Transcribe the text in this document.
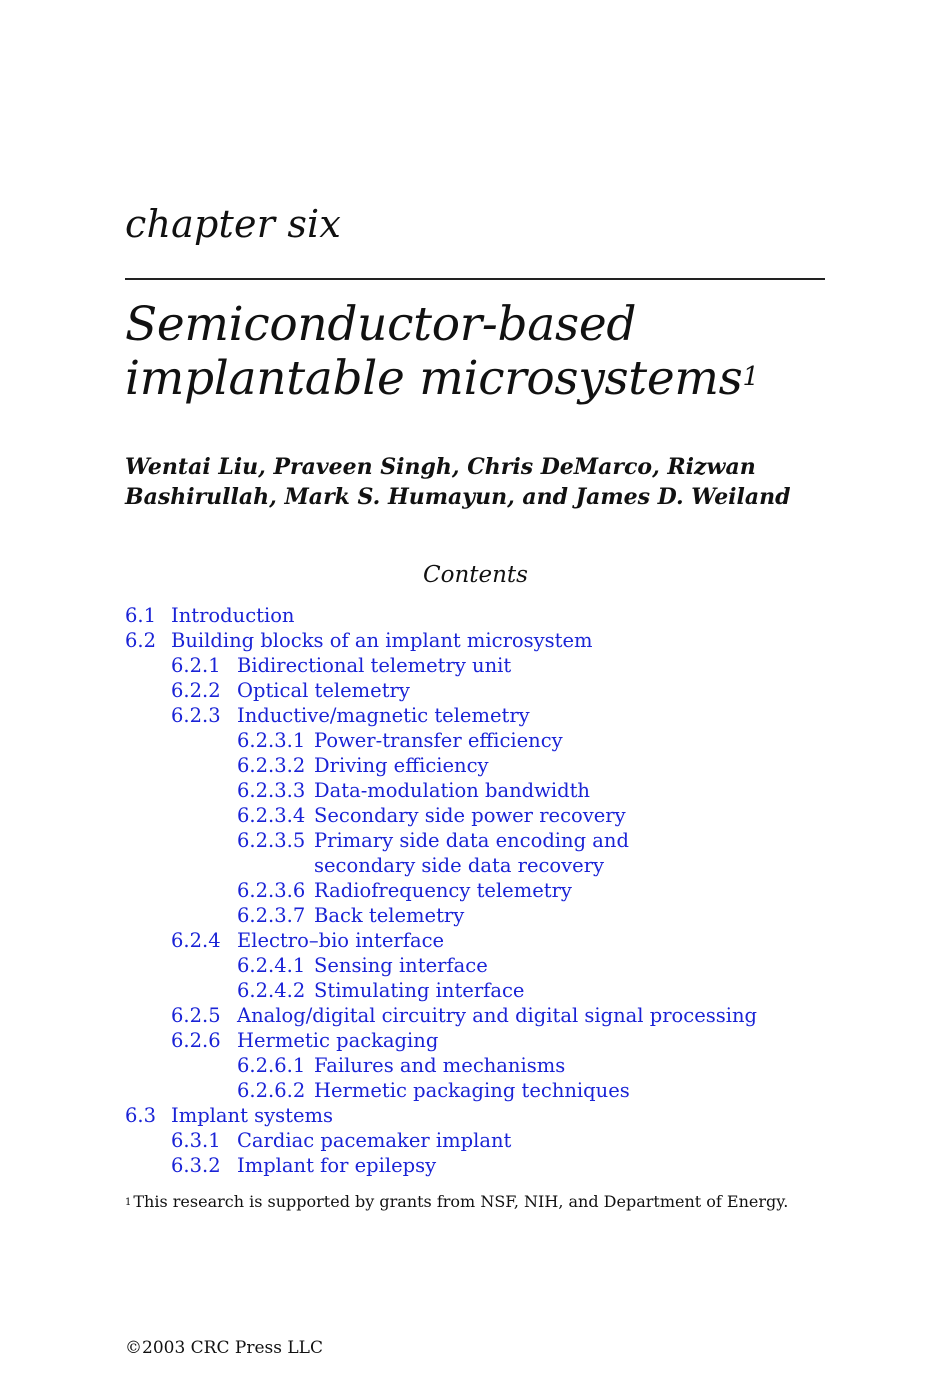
chapter six
Semiconductor-based
implantable microsystems$^1$
Wentai Liu, Praveen Singh, Chris DeMarco, Rizwan
Bashirullah, Mark S. Humayun, and James D. Weiland
Contents
6.1 Introduction
6.2 Building blocks of an implant microsystem
6.2.1 Bidirectional telemetry unit
6.2.2 Optical telemetry
6.2.3 Inductive/magnetic telemetry
6.2.3.1 Power-transfer efficiency
6.2.3.2 Driving efficiency
6.2.3.3 Data-modulation bandwidth
6.2.3.4 Secondary side power recovery
6.2.3.5 Primary side data encoding and secondary side data recovery
6.2.3.6 Radiofrequency telemetry
6.2.3.7 Back telemetry
6.2.4 Electro–bio interface
6.2.4.1 Sensing interface
6.2.4.2 Stimulating interface
6.2.5 Analog/digital circuitry and digital signal processing
6.2.6 Hermetic packaging
6.2.6.1 Failures and mechanisms
6.2.6.2 Hermetic packaging techniques
6.3 Implant systems
6.3.1 Cardiac pacemaker implant
6.3.2 Implant for epilepsy
$^1$ This research is supported by grants from NSF, NIH, and Department of Energy.
©2003 CRC Press LLC
